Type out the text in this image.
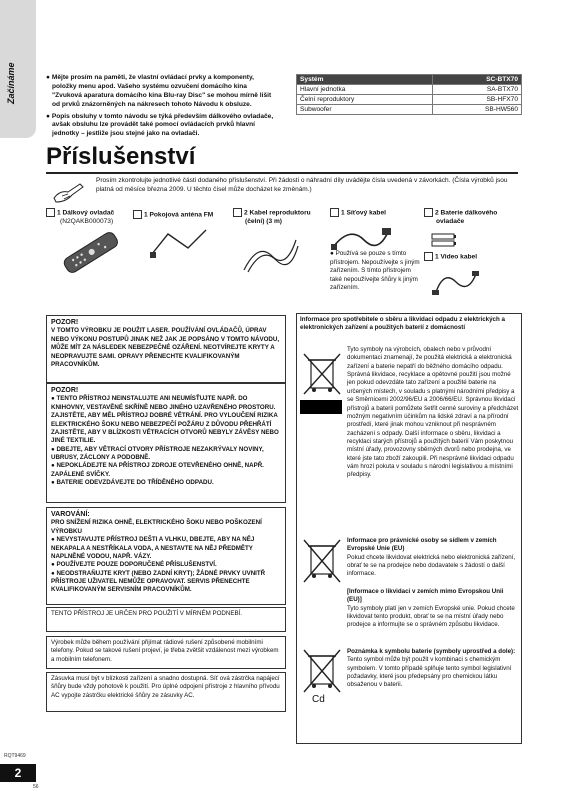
Začínáme	● Mějte prosím na paměti, že vlastní ovládací prvky a komponenty, položky menu apod. Vašeho systému ozvučení domácího kina "Zvuková aparatura domácího kina Blu-ray Disc" se mohou mírně lišit od prvků znázorněných na nákresech tohoto Návodu k obsluze.

● Popis obsluhy v tomto návodu se týká především dálkového ovladače, avšak obsluhu lze provádět také pomocí ovládacích prvků hlavní jednotky – jestliže jsou stejné jako na ovladači.

Systém	SC-BTX70
Hlavní jednotka	SA-BTX70
Čelní reproduktory	SB-HFX70
Subwoofer	SB-HW560
Příslušenství
Prosím zkontrolujte jednotlivé části dodaného příslušenství. Při žádosti o náhradní díly uvádějte čísla uvedená v závorkách. (Čísla výrobků jsou platná od měsíce března 2009. U těchto čísel může docházet ke změnám.)
1 Dálkový ovladač
(N2QAKB000073)
1 Pokojová anténa FM	2 Kabel reproduktoru
(čelní) (3 m)
1 Síťový kabel
● Používá se pouze s tímto přístrojem. Nepoužívejte s jiným zařízením. S tímto přístrojem také nepoužívejte šňůry k jiným zařízením.
2 Baterie dálkového
ovladače
1 Video kabel
POZOR!
V TOMTO VÝROBKU JE POUŽIT LASER. POUŽÍVÁNÍ OVLÁDAČŮ, ÚPRAV NEBO VÝKONU POSTUPŮ JINAK NEŽ JAK JE POPSÁNO V TOMTO NÁVODU, MŮŽE MÍT ZA NÁSLEDEK NEBEZPEČNÉ OZÁŘENÍ. NEOTVÍREJTE KRYTY A NEOPRAVUJTE SAMI. OPRAVY PŘENECHTE KVALIFIKOVANÝM PRACOVNÍKŮM.
POZOR!
● TENTO PŘÍSTROJ NEINSTALUJTE ANI NEUMÍSŤUJTE NAPŘ. DO KNIHOVNY, VESTAVĚNÉ SKŘÍNĚ NEBO JINÉHO UZAVŘENÉHO PROSTORU. ZAJISTĚTE, ABY MĚL PŘÍSTROJ DOBRÉ VĚTRÁNÍ. PRO VYLOUČENÍ RIZIKA ELEKTRICKÉHO ŠOKU NEBO NEBEZPEČÍ POŽÁRU Z DŮVODU PŘEHŘÁTÍ ZAJISTĚTE, ABY V BLÍZKOSTI VĚTRACÍCH OTVORŮ NEBYLY ZÁVĚSY NEBO JINÉ TEXTILIE.
● DBEJTE, ABY VĚTRACÍ OTVORY PŘÍSTROJE NEZAKRÝVALY NOVINY, UBRUSY, ZÁCLONY A PODOBNĚ.
● NEPOKLÁDEJTE NA PŘÍSTROJ ZDROJE OTEVŘENÉHO OHNĚ, NAPŘ. ZAPÁLENÉ SVÍČKY.
● BATERIE ODEVZDÁVEJTE DO TŘÍDĚNÉHO ODPADU.
VAROVÁNÍ:
PRO SNÍŽENÍ RIZIKA OHNĚ, ELEKTRICKÉHO ŠOKU NEBO POŠKOZENÍ VÝROBKU
● NEVYSTAVUJTE PŘÍSTROJ DEŠTI A VLHKU, DBEJTE, ABY NA NĚJ NEKAPALA A NESTŘÍKALA VODA, A NESTAVTE NA NĚJ PŘEDMĚTY NAPLNĚNÉ VODOU, NAPŘ. VÁZY.
● POUŽÍVEJTE POUZE DOPORUČENÉ PŘÍSLUŠENSTVÍ.
● NEODSTRAŇUJTE KRYT (NEBO ZADNÍ KRYT); ŽÁDNÉ PRVKY UVNITŘ PŘÍSTROJE UŽIVATEL NEMŮŽE OPRAVOVAT. SERVIS PŘENECHTE KVALIFIKOVANÝM SERVISNÍM PRACOVNÍKŮM.
TENTO PŘÍSTROJ JE URČEN PRO POUŽITÍ V MÍRNÉM PODNEBÍ.
Výrobek může během používání přijímat rádiové rušení způsobené mobilními telefony. Pokud se takové rušení projeví, je třeba zvětšit vzdálenost mezi výrobkem a mobilním telefonem.
Zásuvka musí být v blízkosti zařízení a snadno dostupná. Síť ová zástrčka napájecí šňůry bude vždy pohotově k použití. Pro úplné odpojení přístroje z hlavního přívodu AC vypojte zástrčku elektrické šňůry ze zásuvky AC.
Informace pro spotřebitele o sběru a likvidaci odpadu z elektrických a elektronických zařízení a použitých baterií z domácností
Tyto symboly na výrobcích, obalech nebo v průvodní dokumentaci znamenají, že použitá elektrická a elektronická zařízení a baterie nepatří do běžného domácího odpadu. Správná likvidace, recyklace a opětovné použití jsou možné jen pokud odevzdáte tato zařízení a použité baterie na určených místech, v souladu s platnými národními předpisy a se Směrnicemi 2002/96/EU a 2006/66/EU. Správnou likvidací přístrojů a baterií pomůžete šetřit cenné suroviny a předcházet možným negativním účinkům na lidské zdraví a na přírodní prostředí, které jinak mohou vzniknout při nesprávném zacházení s odpady. Další informace o sběru, likvidaci a recyklaci starých přístrojů a použitých baterií Vám poskytnou místní úřady, provozovny sběrných dvorů nebo prodejna, ve které jste tato zboží zakoupili. Při nesprávné likvidaci odpadu vám hrozí pokuta v souladu s národní legislativou a místními předpisy.
Informace pro právnické osoby se sídlem v zemích Evropské Unie (EU)
Pokud chcete likvidovat elektrická nebo elektronická zařízení, obrať te se na prodejce nebo dodavatele s žádostí o další informace.
[Informace o likvidaci v zemích mimo Evropskou Unii (EU)]
Tyto symboly platí jen v zemích Evropské unie. Pokud chcete likvidovat tento produkt, obrať te se na místní úřady nebo prodejce a informujte se o správném způsobu likvidace.
Cd
Poznámka k symbolu baterie (symboly uprostřed a dole):
Tento symbol může být použit v kombinaci s chemickým symbolem. V tomto případě splňuje tento symbol legislativní požadavky, které jsou předepsány pro chemickou látku obsaženou v baterii.
RQT9469
2
56
